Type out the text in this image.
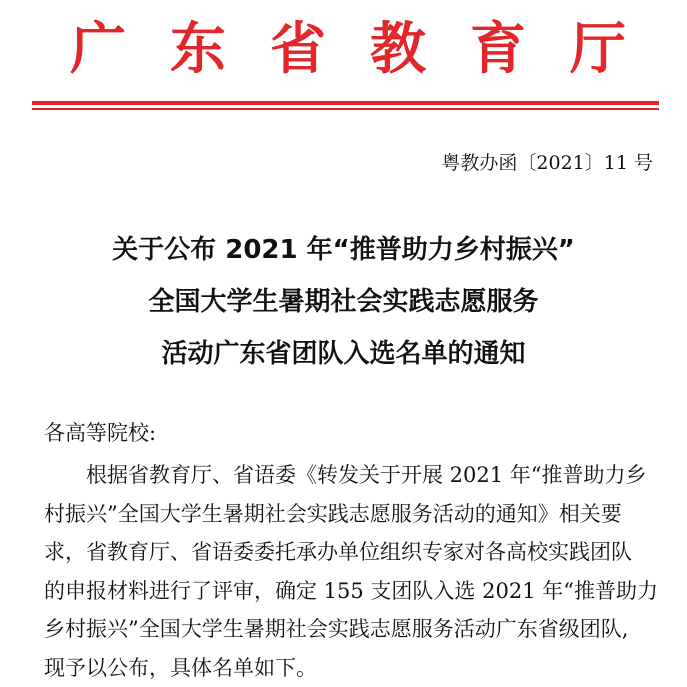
广 东 省 教 育 厅
粤教办函〔2021〕11 号
关于公布 2021 年“推普助力乡村振兴”
全国大学生暑期社会实践志愿服务
活动广东省团队入选名单的通知
各高等院校:
根据省教育厅、省语委《转发关于开展 2021 年“推普助力乡
村振兴”全国大学生暑期社会实践志愿服务活动的通知》相关要
求，省教育厅、省语委委托承办单位组织专家对各高校实践团队
的申报材料进行了评审，确定 155 支团队入选 2021 年“推普助力
乡村振兴”全国大学生暑期社会实践志愿服务活动广东省级团队,
现予以公布，具体名单如下。
